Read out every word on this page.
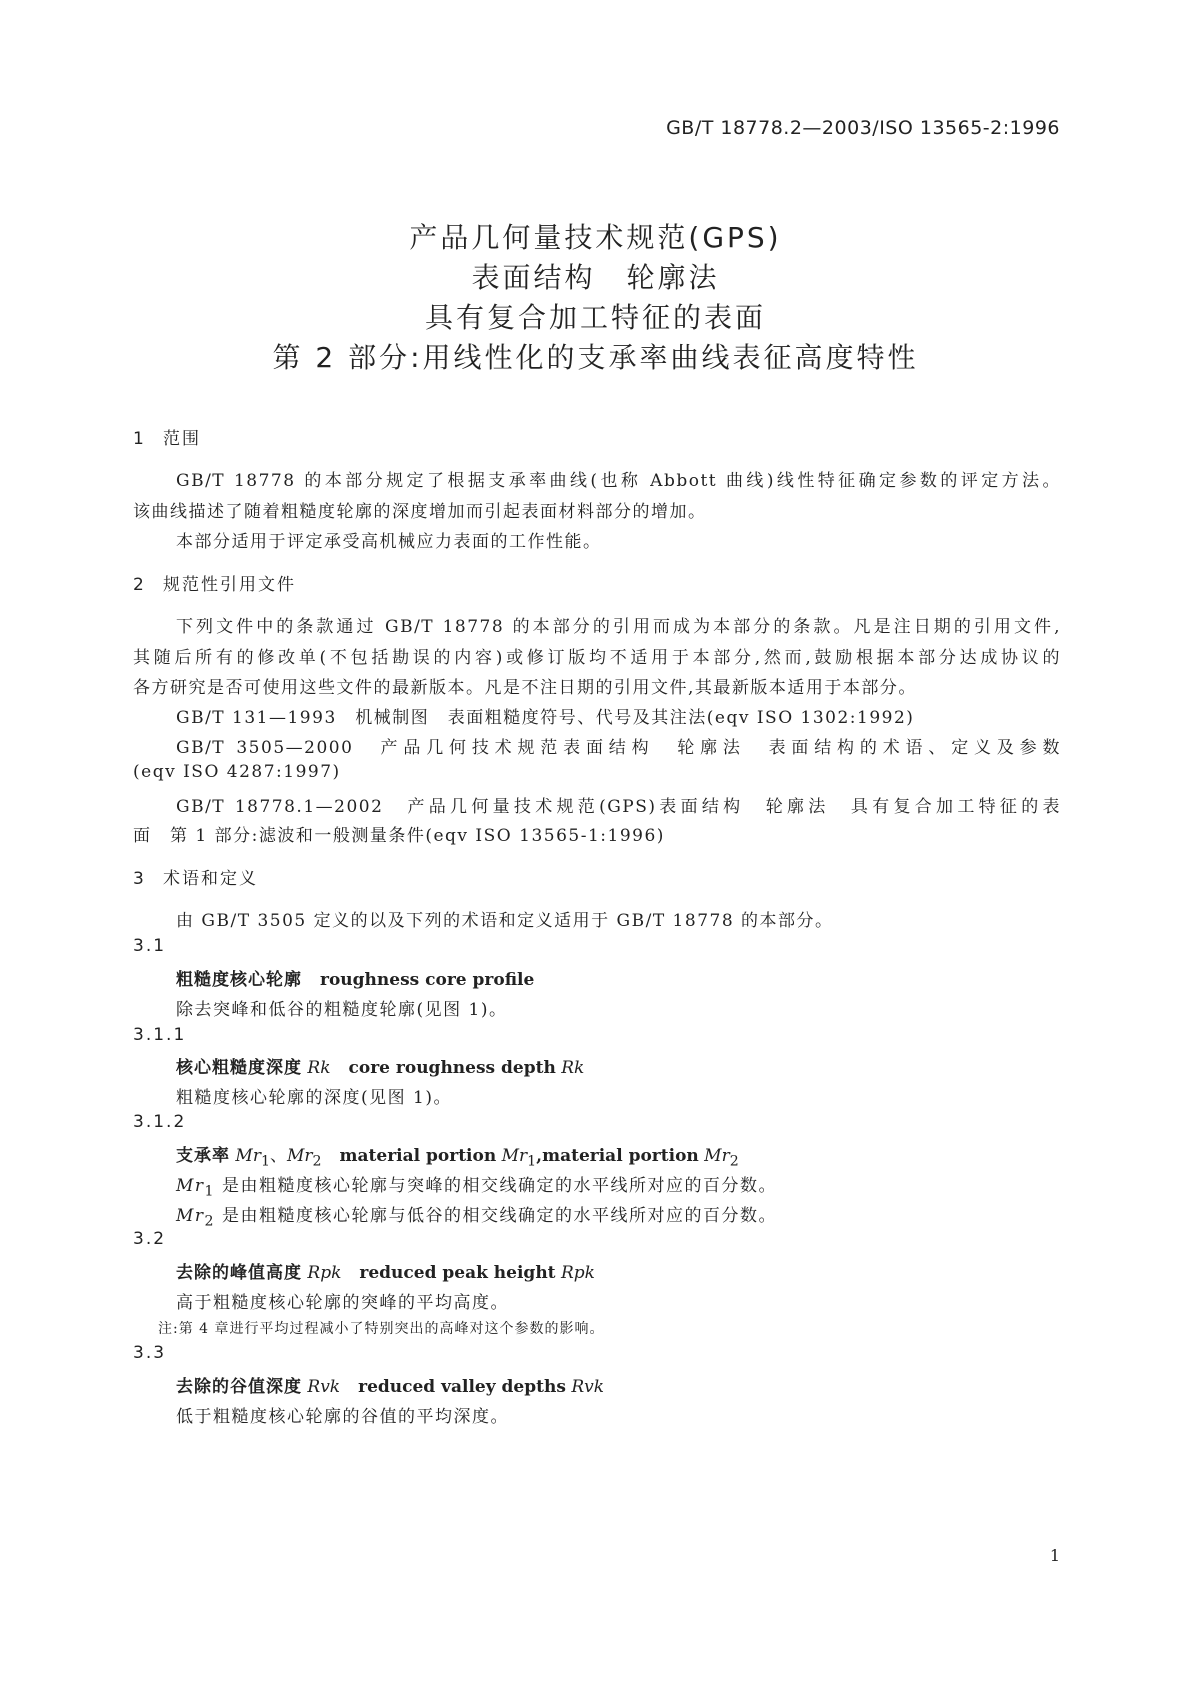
GB/T 18778.2—2003/ISO 13565-2:1996
产品几何量技术规范(GPS)
表面结构　轮廓法
具有复合加工特征的表面
第 2 部分:用线性化的支承率曲线表征高度特性
1 范围
GB/T 18778 的本部分规定了根据支承率曲线(也称 Abbott 曲线)线性特征确定参数的评定方法。
该曲线描述了随着粗糙度轮廓的深度增加而引起表面材料部分的增加。
本部分适用于评定承受高机械应力表面的工作性能。
2 规范性引用文件
下列文件中的条款通过 GB/T 18778 的本部分的引用而成为本部分的条款。凡是注日期的引用文件,
其随后所有的修改单(不包括勘误的内容)或修订版均不适用于本部分,然而,鼓励根据本部分达成协议的
各方研究是否可使用这些文件的最新版本。凡是不注日期的引用文件,其最新版本适用于本部分。
GB/T 131—1993　机械制图　表面粗糙度符号、代号及其注法(eqv ISO 1302:1992)
GB/T 3505—2000　产品几何技术规范表面结构　轮廓法　表面结构的术语、定义及参数
(eqv ISO 4287:1997)
GB/T 18778.1—2002　产品几何量技术规范(GPS)表面结构　轮廓法　具有复合加工特征的表
面　第 1 部分:滤波和一般测量条件(eqv ISO 13565-1:1996)
3 术语和定义
由 GB/T 3505 定义的以及下列的术语和定义适用于 GB/T 18778 的本部分。
3.1
粗糙度核心轮廓 roughness core profile
除去突峰和低谷的粗糙度轮廓(见图 1)。
3.1.1
核心粗糙度深度 Rk core roughness depth Rk
粗糙度核心轮廓的深度(见图 1)。
3.1.2
支承率 $Mr_1$、$Mr_2$ material portion $Mr_1,material$ portion $Mr_2$
$Mr_1$ 是由粗糙度核心轮廓与突峰的相交线确定的水平线所对应的百分数。
$Mr_2$ 是由粗糙度核心轮廓与低谷的相交线确定的水平线所对应的百分数。
3.2
去除的峰值高度 Rpk reduced peak height Rpk
高于粗糙度核心轮廓的突峰的平均高度。
注:第 4 章进行平均过程减小了特别突出的高峰对这个参数的影响。
3.3
去除的谷值深度 Rvk reduced valley depths Rvk
低于粗糙度核心轮廓的谷值的平均深度。
1
